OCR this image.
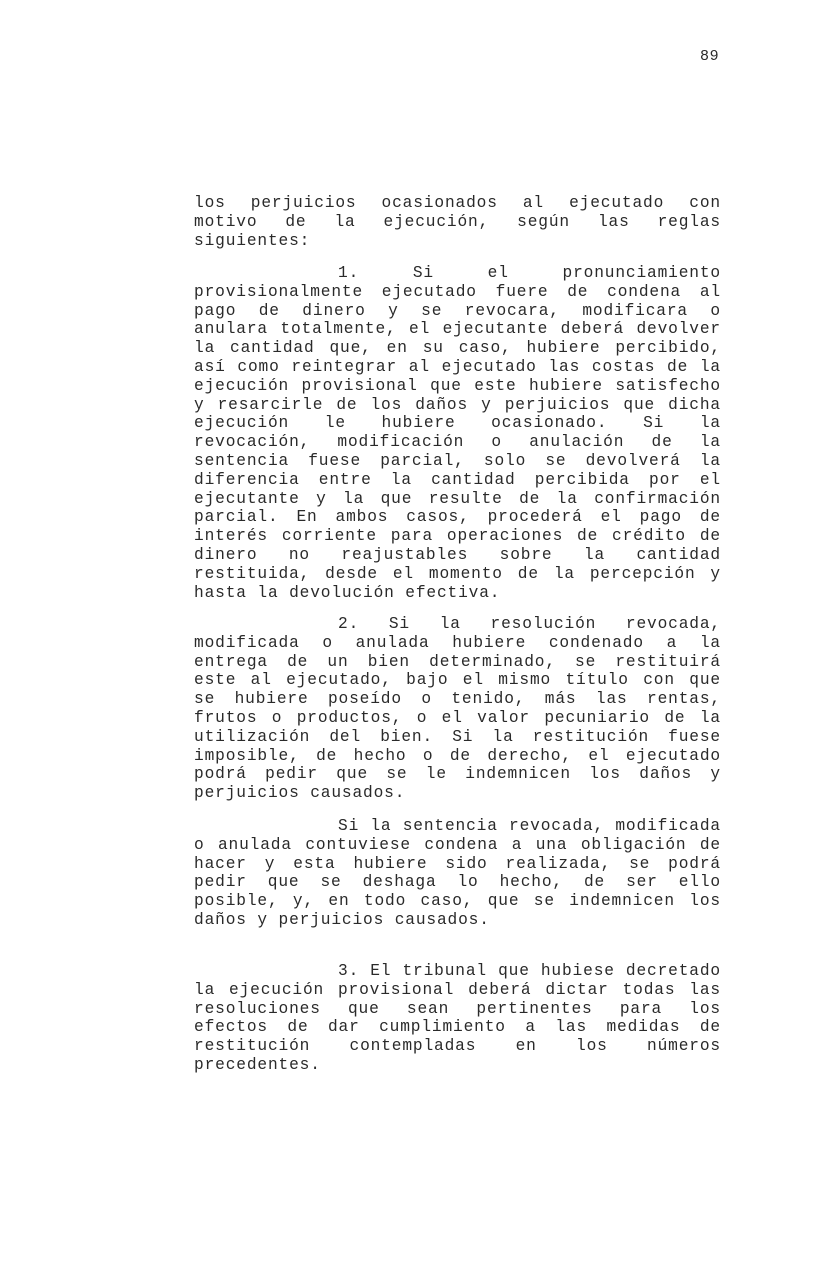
89

los perjuicios ocasionados al ejecutado con motivo de la ejecución, según las reglas siguientes:

1. Si el pronunciamiento provisionalmente ejecutado fuere de condena al pago de dinero y se revocara, modificara o anulara totalmente, el ejecutante deberá devolver la cantidad que, en su caso, hubiere percibido, así como reintegrar al ejecutado las costas de la ejecución provisional que este hubiere satisfecho y resarcirle de los daños y perjuicios que dicha ejecución le hubiere ocasionado. Si la revocación, modificación o anulación de la sentencia fuese parcial, solo se devolverá la diferencia entre la cantidad percibida por el ejecutante y la que resulte de la confirmación parcial. En ambos casos, procederá el pago de interés corriente para operaciones de crédito de dinero no reajustables sobre la cantidad restituida, desde el momento de la percepción y hasta la devolución efectiva.

2. Si la resolución revocada, modificada o anulada hubiere condenado a la entrega de un bien determinado, se restituirá este al ejecutado, bajo el mismo título con que se hubiere poseído o tenido, más las rentas, frutos o productos, o el valor pecuniario de la utilización del bien. Si la restitución fuese imposible, de hecho o de derecho, el ejecutado podrá pedir que se le indemnicen los daños y perjuicios causados.

Si la sentencia revocada, modificada o anulada contuviese condena a una obligación de hacer y esta hubiere sido realizada, se podrá pedir que se deshaga lo hecho, de ser ello posible, y, en todo caso, que se indemnicen los daños y perjuicios causados.

3. El tribunal que hubiese decretado la ejecución provisional deberá dictar todas las resoluciones que sean pertinentes para los efectos de dar cumplimiento a las medidas de restitución contempladas en los números precedentes.
